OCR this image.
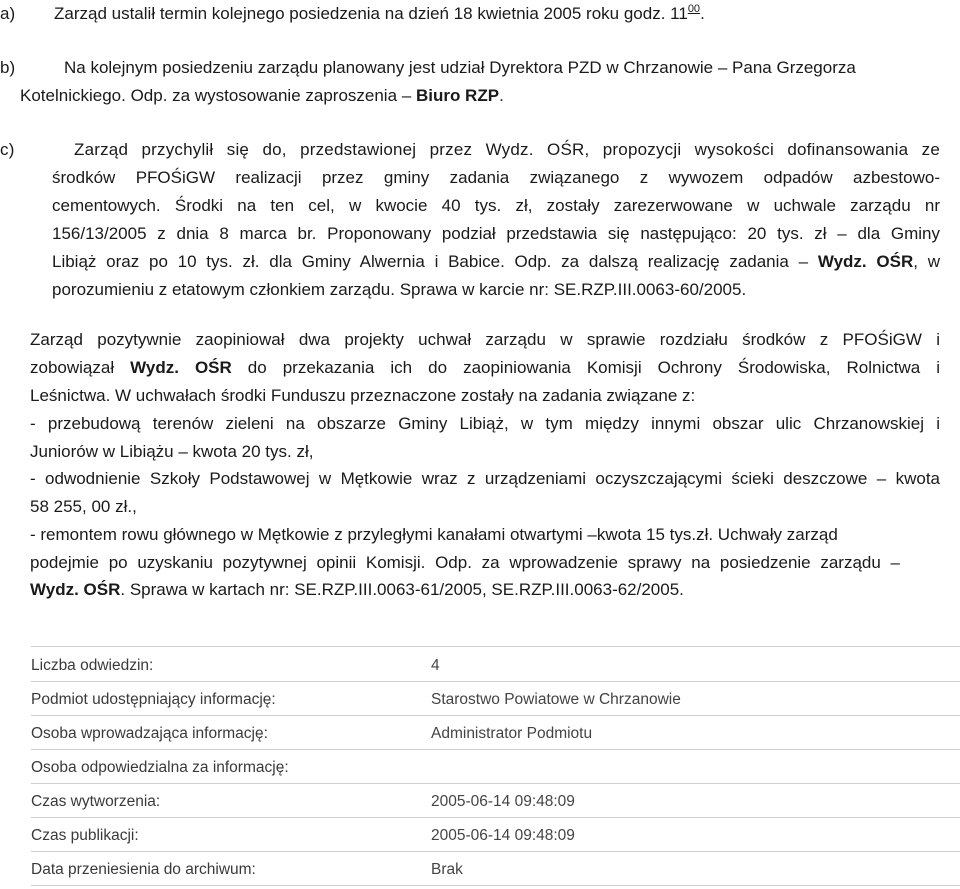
a) Zarząd ustalił termin kolejnego posiedzenia na dzień 18 kwietnia 2005 roku godz. $11^{00}$.
b)	Na kolejnym posiedzeniu zarządu planowany jest udział Dyrektora PZD w Chrzanowie – Pana Grzegorza
Kotelnickiego. Odp. za wystosowanie zaproszenia – Biuro RZP.
c)	Zarząd przychylił się do, przedstawionej przez Wydz. OŚR, propozycji wysokości dofinansowania ze
środków PFOŚiGW realizacji przez gminy zadania związanego z wywozem odpadów azbestowo-
cementowych. Środki na ten cel, w kwocie 40 tys. zł, zostały zarezerwowane w uchwale zarządu nr
156/13/2005 z dnia 8 marca br. Proponowany podział przedstawia się następująco: 20 tys. zł – dla Gminy
Libiąż oraz po 10 tys. zł. dla Gminy Alwernia i Babice. Odp. za dalszą realizację zadania – Wydz. OŚR, w
porozumieniu z etatowym członkiem zarządu. Sprawa w karcie nr: SE.RZP.III.0063-60/2005.
Zarząd pozytywnie zaopiniował dwa projekty uchwał zarządu w sprawie rozdziału środków z PFOŚiGW i
zobowiązał Wydz. OŚR do przekazania ich do zaopiniowania Komisji Ochrony Środowiska, Rolnictwa i
Leśnictwa. W uchwałach środki Funduszu przeznaczone zostały na zadania związane z:
- przebudową terenów zieleni na obszarze Gminy Libiąż, w tym między innymi obszar ulic Chrzanowskiej i
Juniorów w Libiążu – kwota 20 tys. zł,
- odwodnienie Szkoły Podstawowej w Mętkowie wraz z urządzeniami oczyszczającymi ścieki deszczowe – kwota
58 255, 00 zł.,
- remontem rowu głównego w Mętkowie z przyległymi kanałami otwartymi –kwota 15 tys.zł. Uchwały zarząd
podejmie po uzyskaniu pozytywnej opinii Komisji. Odp. za wprowadzenie sprawy na posiedzenie zarządu –
Wydz. OŚR. Sprawa w kartach nr: SE.RZP.III.0063-61/2005, SE.RZP.III.0063-62/2005.
Liczba odwiedzin:	4
Podmiot udostępniający informację:	Starostwo Powiatowe w Chrzanowie
Osoba wprowadzająca informację:	Administrator Podmiotu
Osoba odpowiedzialna za informację:
Czas wytworzenia:	2005-06-14 09:48:09
Czas publikacji:	2005-06-14 09:48:09
Data przeniesienia do archiwum:	Brak
